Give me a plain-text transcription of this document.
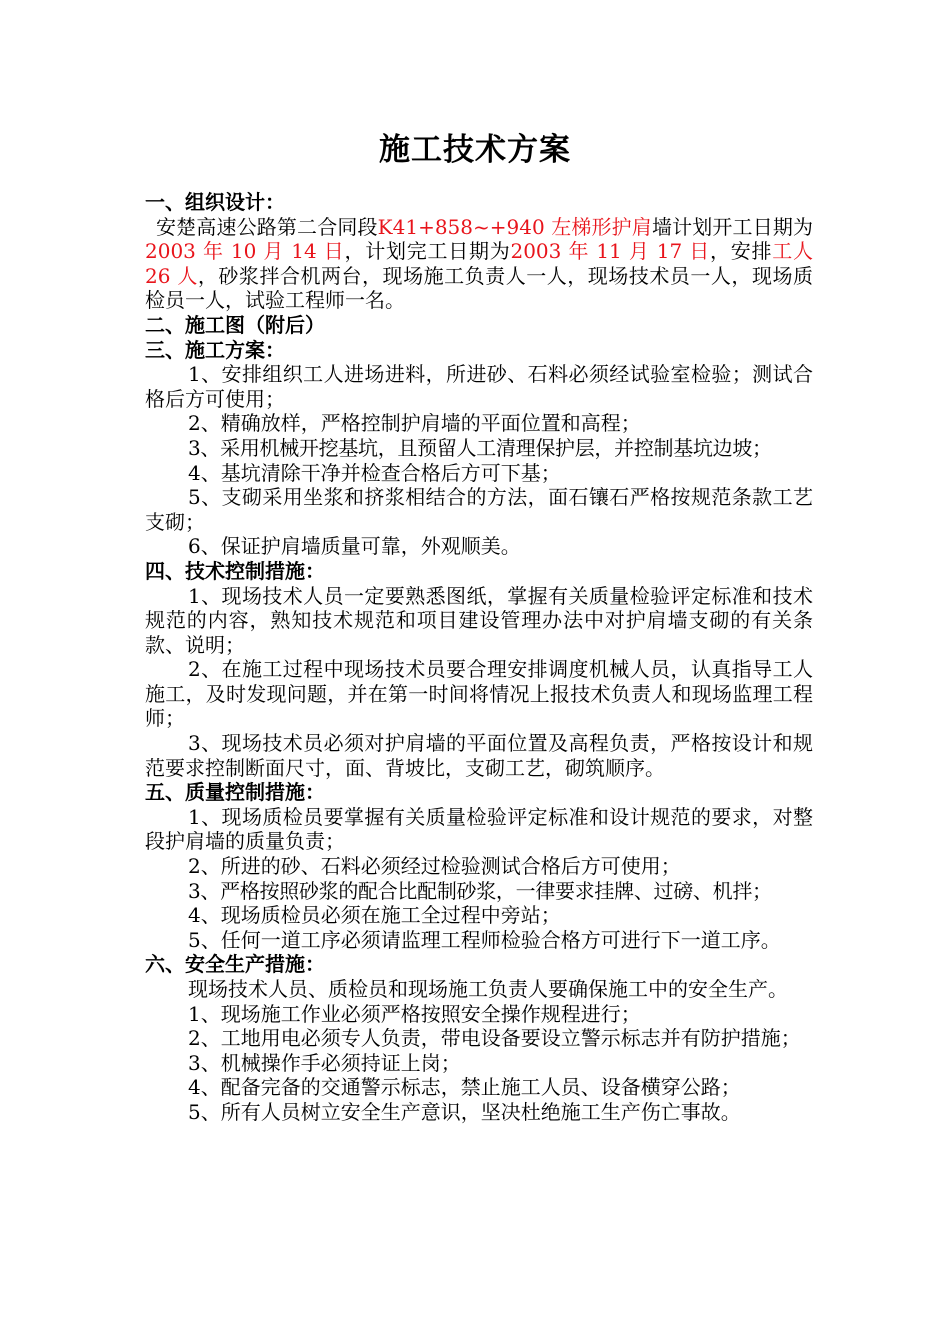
施工技术方案

一、组织设计：

安楚高速公路第二合同段K41+858~+940 左梯形护肩墙计划开工日期为2003 年 10 月 14 日，计划完工日期为2003 年 11 月 17 日，安排工人 26 人，砂浆拌合机两台，现场施工负责人一人，现场技术员一人，现场质检员一人，试验工程师一名。

二、施工图（附后）

三、施工方案：

1、安排组织工人进场进料，所进砂、石料必须经试验室检验；测试合格后方可使用；

2、精确放样，严格控制护肩墙的平面位置和高程；

3、采用机械开挖基坑，且预留人工清理保护层，并控制基坑边坡；

4、基坑清除干净并检查合格后方可下基；

5、支砌采用坐浆和挤浆相结合的方法，面石镶石严格按规范条款工艺支砌；

6、保证护肩墙质量可靠，外观顺美。

四、技术控制措施：

1、现场技术人员一定要熟悉图纸，掌握有关质量检验评定标准和技术规范的内容，熟知技术规范和项目建设管理办法中对护肩墙支砌的有关条款、说明；

2、在施工过程中现场技术员要合理安排调度机械人员，认真指导工人施工，及时发现问题，并在第一时间将情况上报技术负责人和现场监理工程师；

3、现场技术员必须对护肩墙的平面位置及高程负责，严格按设计和规范要求控制断面尺寸，面、背坡比，支砌工艺，砌筑顺序。

五、质量控制措施：

1、现场质检员要掌握有关质量检验评定标准和设计规范的要求，对整段护肩墙的质量负责；

2、所进的砂、石料必须经过检验测试合格后方可使用；

3、严格按照砂浆的配合比配制砂浆，一律要求挂牌、过磅、机拌；

4、现场质检员必须在施工全过程中旁站；

5、任何一道工序必须请监理工程师检验合格方可进行下一道工序。

六、安全生产措施：

现场技术人员、质检员和现场施工负责人要确保施工中的安全生产。

1、现场施工作业必须严格按照安全操作规程进行；

2、工地用电必须专人负责，带电设备要设立警示标志并有防护措施；

3、机械操作手必须持证上岗；

4、配备完备的交通警示标志，禁止施工人员、设备横穿公路；

5、所有人员树立安全生产意识，坚决杜绝施工生产伤亡事故。
